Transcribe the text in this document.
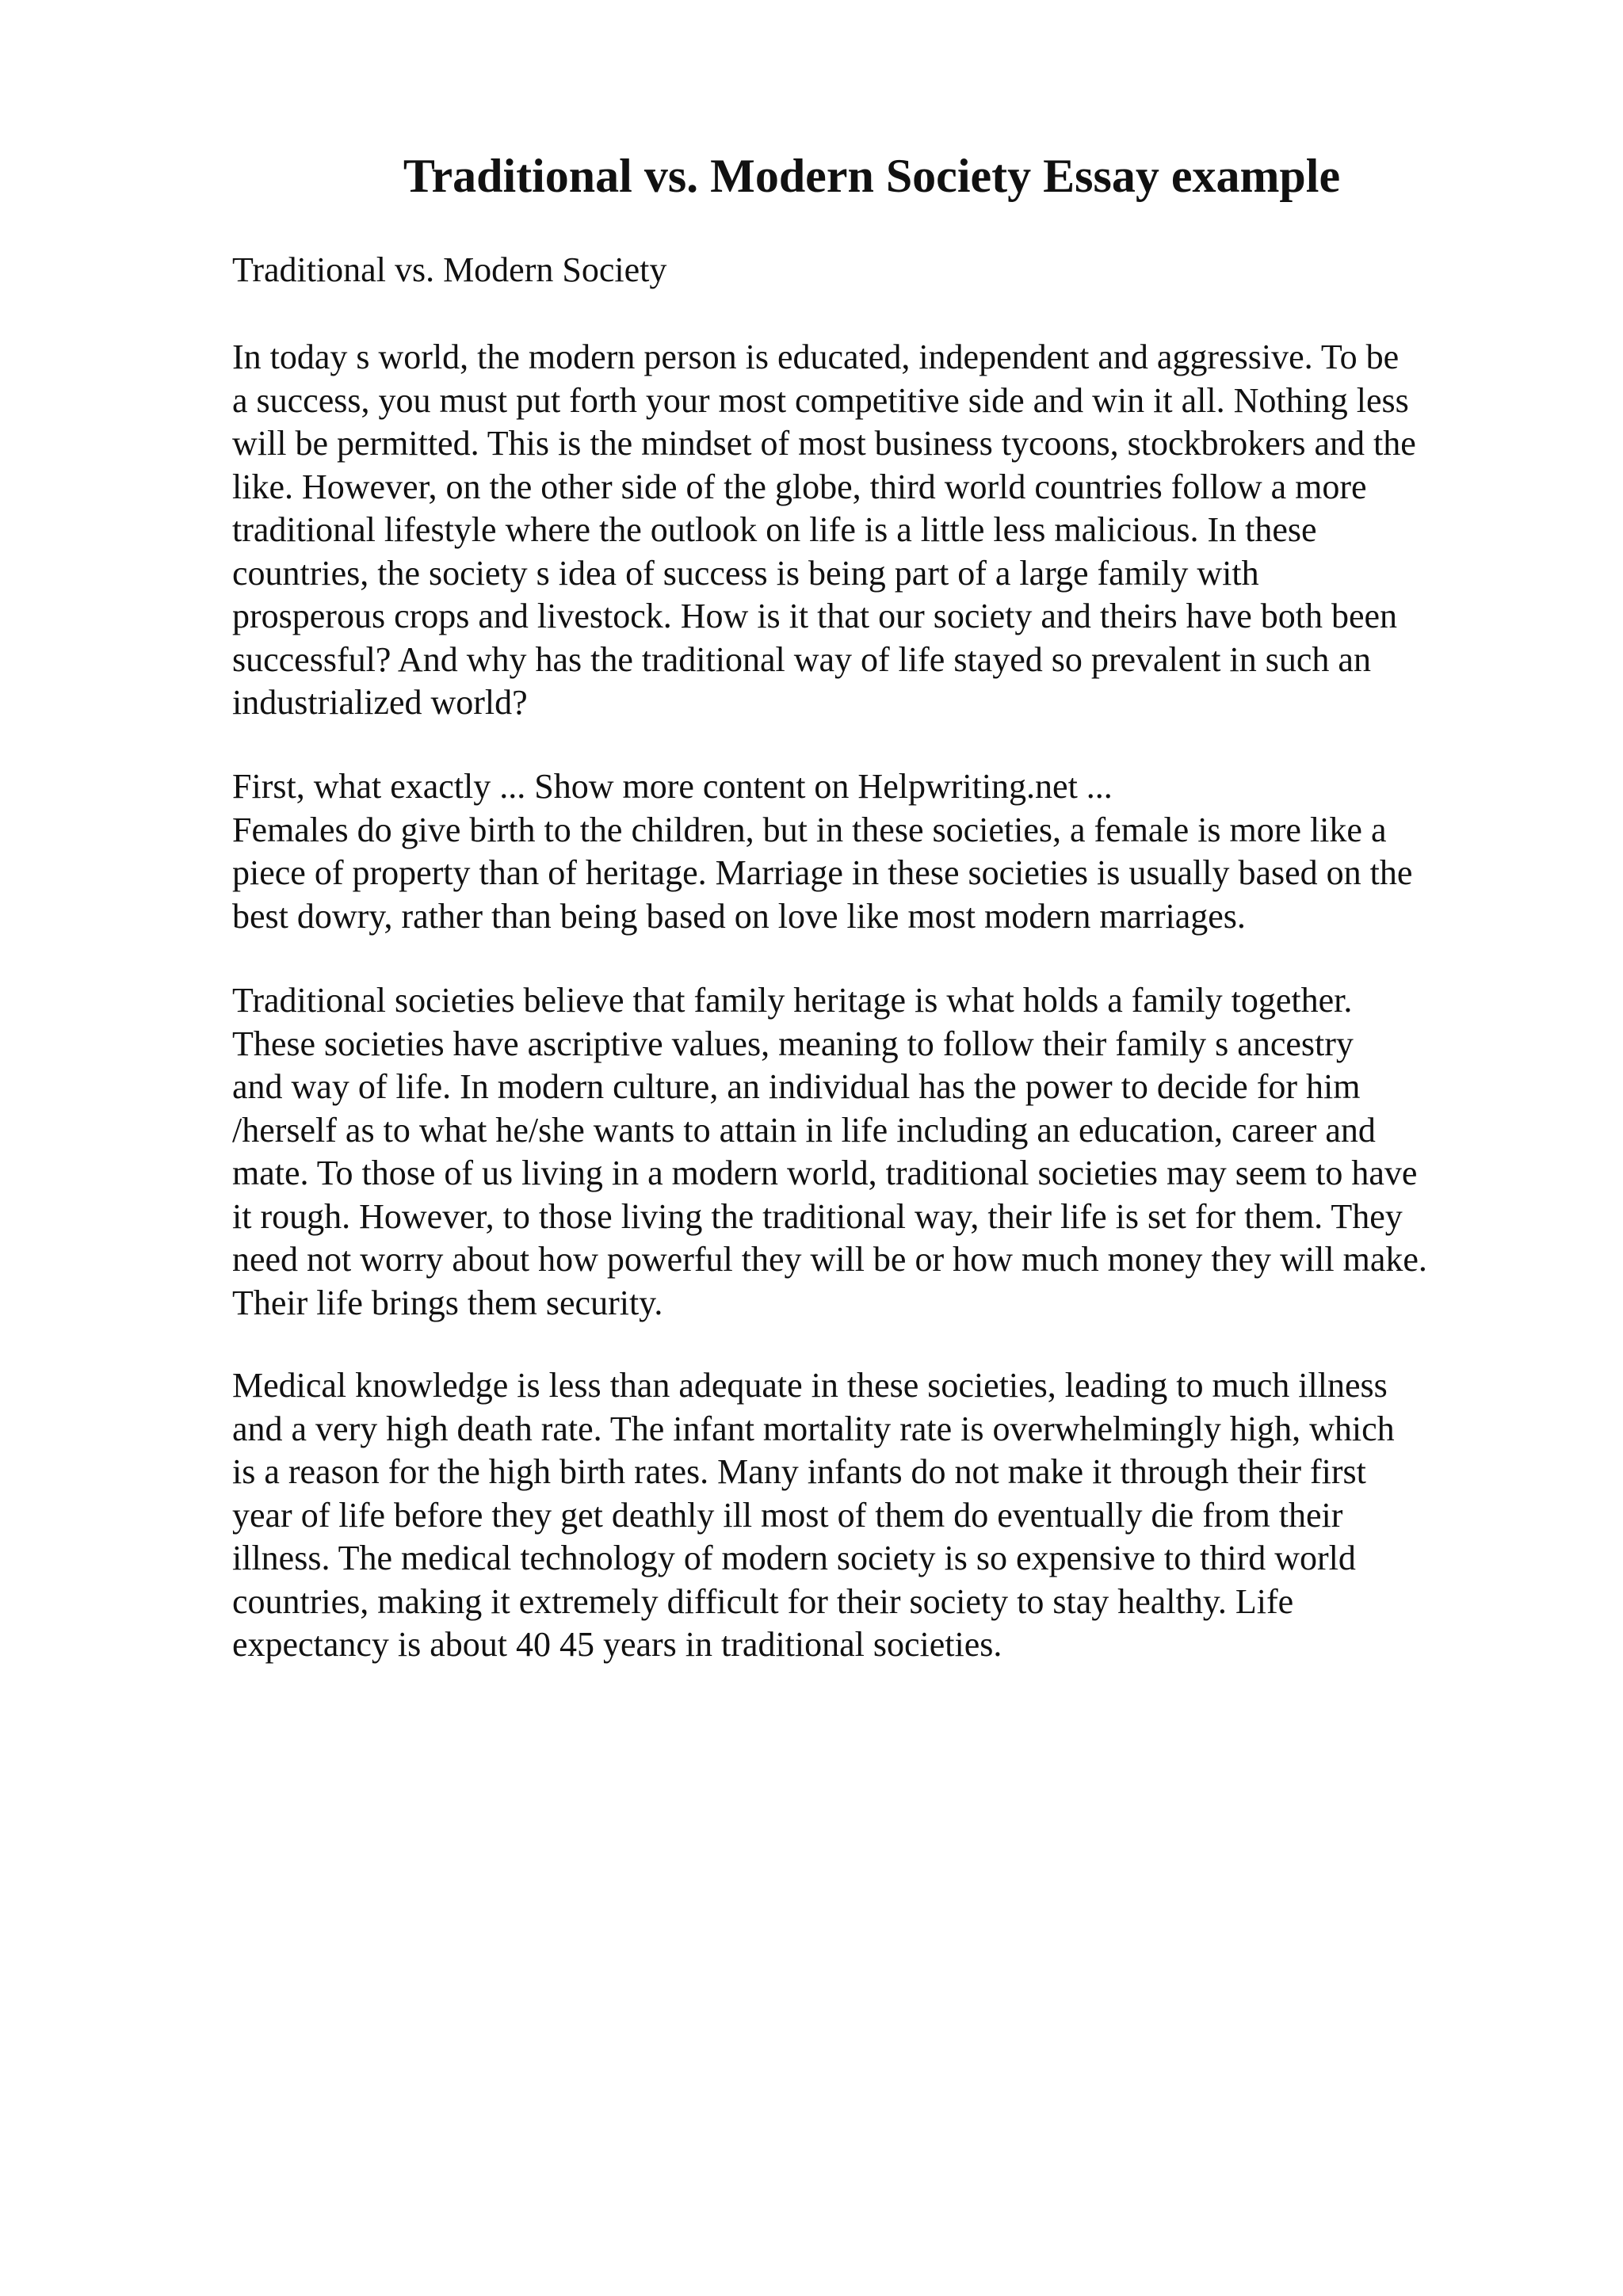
Traditional vs. Modern Society Essay example

Traditional vs. Modern Society

In today s world, the modern person is educated, independent and aggressive. To be
a success, you must put forth your most competitive side and win it all. Nothing less
will be permitted. This is the mindset of most business tycoons, stockbrokers and the
like. However, on the other side of the globe, third world countries follow a more
traditional lifestyle where the outlook on life is a little less malicious. In these
countries, the society s idea of success is being part of a large family with
prosperous crops and livestock. How is it that our society and theirs have both been
successful? And why has the traditional way of life stayed so prevalent in such an
industrialized world?

First, what exactly ... Show more content on Helpwriting.net ...
Females do give birth to the children, but in these societies, a female is more like a
piece of property than of heritage. Marriage in these societies is usually based on the
best dowry, rather than being based on love like most modern marriages.

Traditional societies believe that family heritage is what holds a family together.
These societies have ascriptive values, meaning to follow their family s ancestry
and way of life. In modern culture, an individual has the power to decide for him
/herself as to what he/she wants to attain in life including an education, career and
mate. To those of us living in a modern world, traditional societies may seem to have
it rough. However, to those living the traditional way, their life is set for them. They
need not worry about how powerful they will be or how much money they will make.
Their life brings them security.

Medical knowledge is less than adequate in these societies, leading to much illness
and a very high death rate. The infant mortality rate is overwhelmingly high, which
is a reason for the high birth rates. Many infants do not make it through their first
year of life before they get deathly ill most of them do eventually die from their
illness. The medical technology of modern society is so expensive to third world
countries, making it extremely difficult for their society to stay healthy. Life
expectancy is about 40 45 years in traditional societies.
